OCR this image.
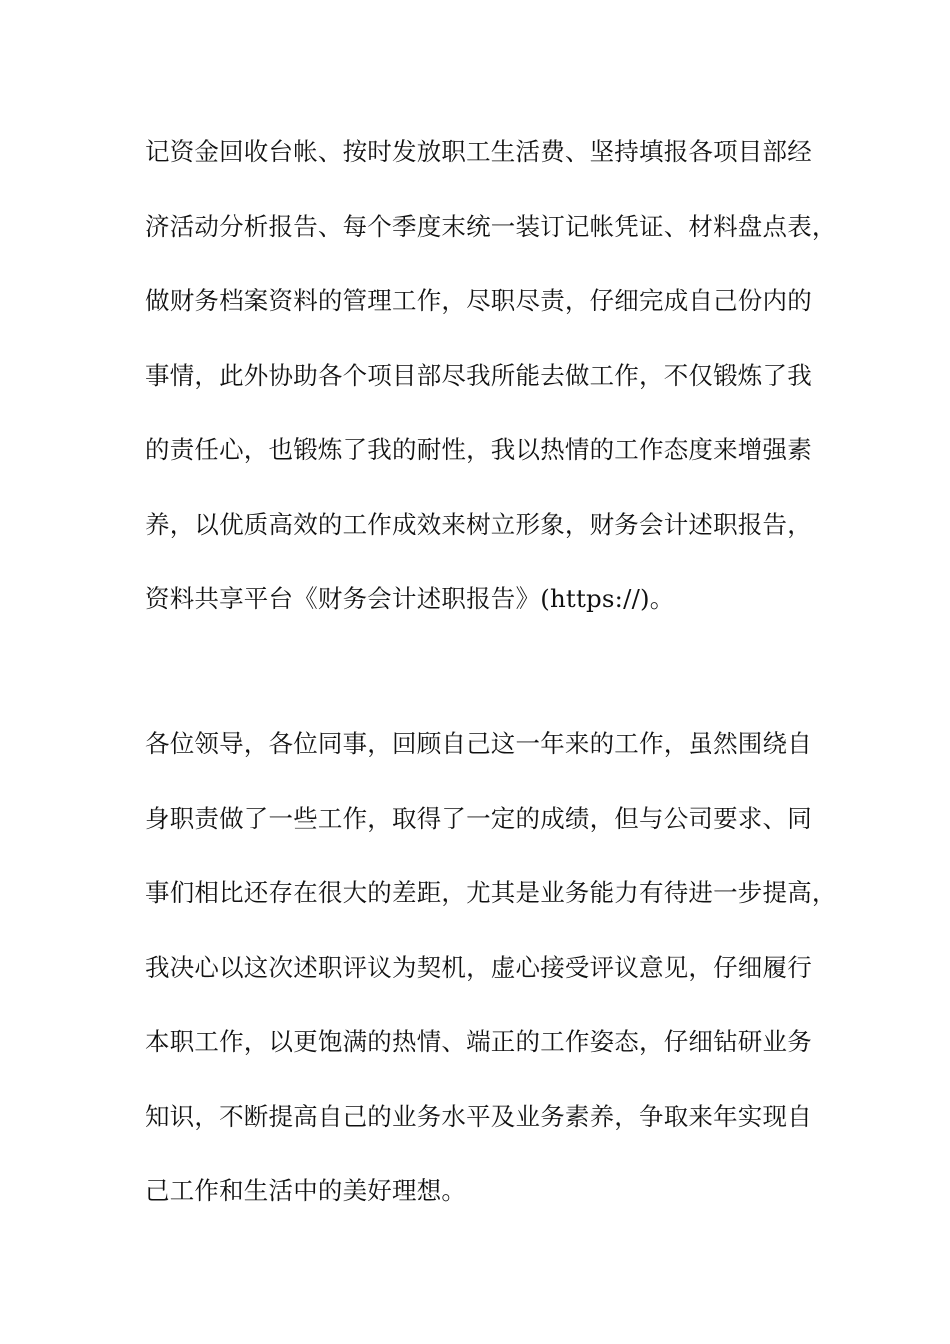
记资金回收台帐、按时发放职工生活费、坚持填报各项目部经
济活动分析报告、每个季度末统一装订记帐凭证、材料盘点表，
做财务档案资料的管理工作，尽职尽责，仔细完成自己份内的
事情，此外协助各个项目部尽我所能去做工作，不仅锻炼了我
的责任心，也锻炼了我的耐性，我以热情的工作态度来增强素
养，以优质高效的工作成效来树立形象，财务会计述职报告，
资料共享平台《财务会计述职报告》(https://)。
各位领导，各位同事，回顾自己这一年来的工作，虽然围绕自
身职责做了一些工作，取得了一定的成绩，但与公司要求、同
事们相比还存在很大的差距，尤其是业务能力有待进一步提高，
我决心以这次述职评议为契机，虚心接受评议意见，仔细履行
本职工作，以更饱满的热情、端正的工作姿态，仔细钻研业务
知识，不断提高自己的业务水平及业务素养，争取来年实现自
己工作和生活中的美好理想。
